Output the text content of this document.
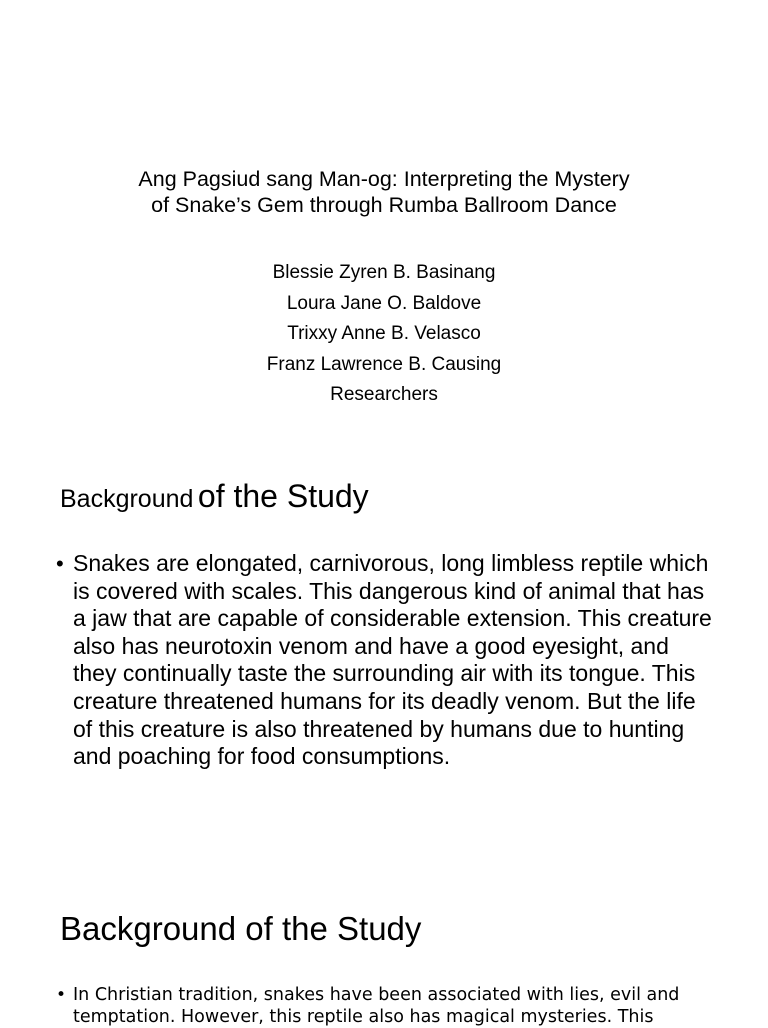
Ang Pagsiud sang Man-og: Interpreting the Mystery
of Snake’s Gem through Rumba Ballroom Dance
Blessie Zyren B. Basinang
Loura Jane O. Baldove
Trixxy Anne B. Velasco
Franz Lawrence B. Causing
Researchers
Background of the Study
• Snakes are elongated, carnivorous, long limbless reptile which is covered with scales. This dangerous kind of animal that has a jaw that are capable of considerable extension. This creature also has neurotoxin venom and have a good eyesight, and they continually taste the surrounding air with its tongue. This creature threatened humans for its deadly venom. But the life of this creature is also threatened by humans due to hunting and poaching for food consumptions.
Background of the Study
• In Christian tradition, snakes have been associated with lies, evil and temptation. However, this reptile also has magical mysteries. This
